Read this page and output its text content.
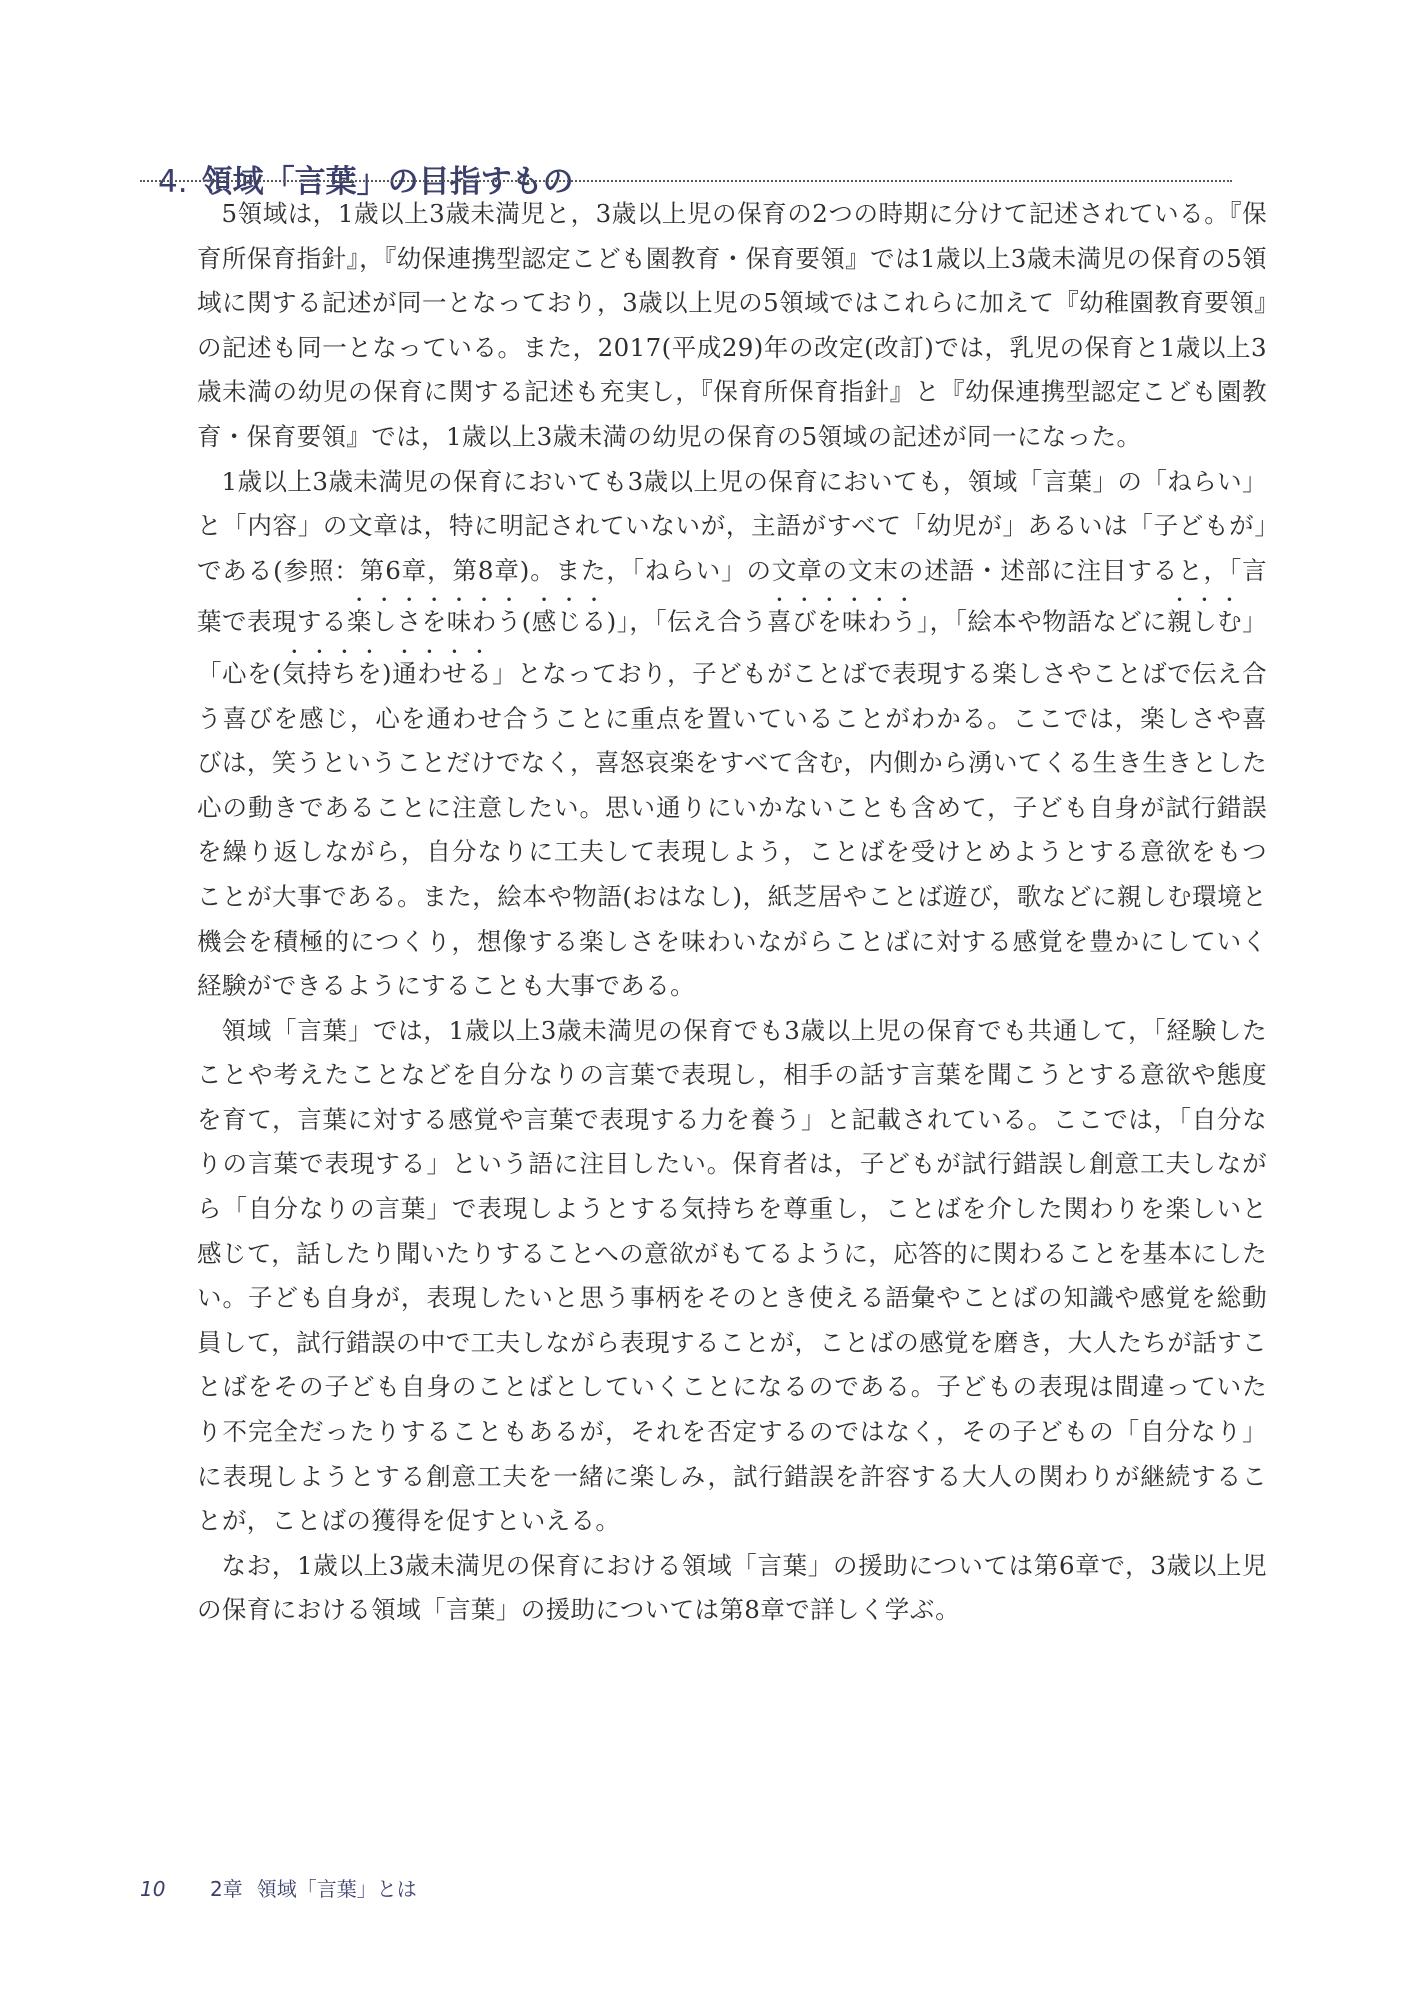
4. 領域「言葉」の目指すもの

5領域は，1歳以上3歳未満児と，3歳以上児の保育の2つの時期に分けて記述されている。『保育所保育指針』，『幼保連携型認定こども園教育・保育要領』では1歳以上3歳未満児の保育の5領域に関する記述が同一となっており，3歳以上児の5領域ではこれらに加えて『幼稚園教育要領』の記述も同一となっている。また，2017(平成29)年の改定(改訂)では，乳児の保育と1歳以上3歳未満の幼児の保育に関する記述も充実し，『保育所保育指針』と『幼保連携型認定こども園教育・保育要領』では，1歳以上3歳未満の幼児の保育の5領域の記述が同一になった。

1歳以上3歳未満児の保育においても3歳以上児の保育においても，領域「言葉」の「ねらい」と「内容」の文章は，特に明記されていないが，主語がすべて「幼児が」あるいは「子どもが」である(参照：第6章，第8章)。また，「ねらい」の文章の文末の述語・述部に注目すると，「言葉で表現する楽しさを味わう(感じる)」，「伝え合う喜びを味わう」，「絵本や物語などに親しむ」「心を(気持ちを)通わせる」となっており，子どもがことばで表現する楽しさやことばで伝え合う喜びを感じ，心を通わせ合うことに重点を置いていることがわかる。ここでは，楽しさや喜びは，笑うということだけでなく，喜怒哀楽をすべて含む，内側から湧いてくる生き生きとした心の動きであることに注意したい。思い通りにいかないことも含めて，子ども自身が試行錯誤を繰り返しながら，自分なりに工夫して表現しよう，ことばを受けとめようとする意欲をもつことが大事である。また，絵本や物語(おはなし)，紙芝居やことば遊び，歌などに親しむ環境と機会を積極的につくり，想像する楽しさを味わいながらことばに対する感覚を豊かにしていく経験ができるようにすることも大事である。

領域「言葉」では，1歳以上3歳未満児の保育でも3歳以上児の保育でも共通して，「経験したことや考えたことなどを自分なりの言葉で表現し，相手の話す言葉を聞こうとする意欲や態度を育て，言葉に対する感覚や言葉で表現する力を養う」と記載されている。ここでは，「自分なりの言葉で表現する」という語に注目したい。保育者は，子どもが試行錯誤し創意工夫しながら「自分なりの言葉」で表現しようとする気持ちを尊重し，ことばを介した関わりを楽しいと感じて，話したり聞いたりすることへの意欲がもてるように，応答的に関わることを基本にしたい。子ども自身が，表現したいと思う事柄をそのとき使える語彙やことばの知識や感覚を総動員して，試行錯誤の中で工夫しながら表現することが，ことばの感覚を磨き，大人たちが話すことばをその子ども自身のことばとしていくことになるのである。子どもの表現は間違っていたり不完全だったりすることもあるが，それを否定するのではなく，その子どもの「自分なり」に表現しようとする創意工夫を一緒に楽しみ，試行錯誤を許容する大人の関わりが継続することが，ことばの獲得を促すといえる。

なお，1歳以上3歳未満児の保育における領域「言葉」の援助については第6章で，3歳以上児の保育における領域「言葉」の援助については第8章で詳しく学ぶ。

10 2章 領域「言葉」とは
